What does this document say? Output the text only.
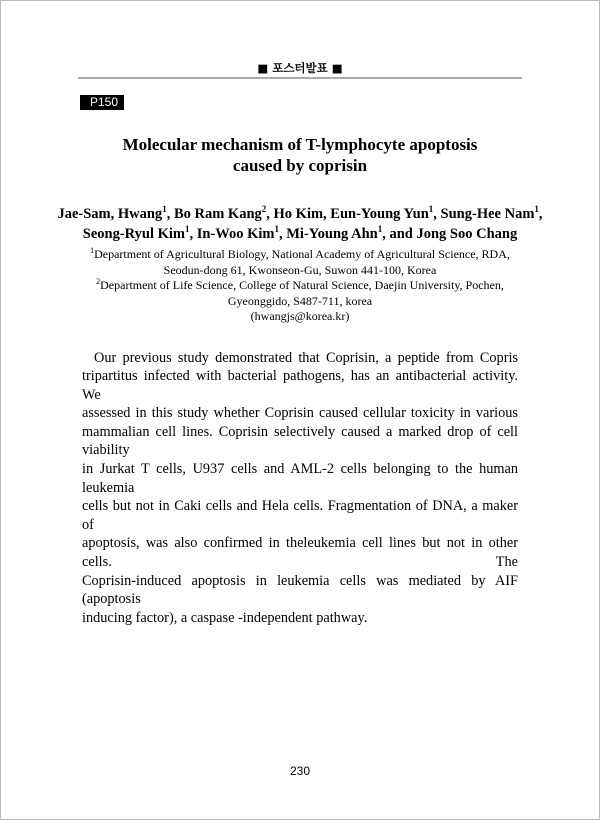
■ 포스터발표 ■
P150
Molecular mechanism of T-lymphocyte apoptosis
caused by coprisin
Jae-Sam, Hwang$^1$, Bo Ram Kang$^2$, Ho Kim, Eun-Young Yun$^1$, Sung-Hee Nam$^1$,
Seong-Ryul Kim$^1$, In-Woo Kim$^1$, Mi-Young Ahn$^1$, and Jong Soo Chang
$^1$Department of Agricultural Biology, National Academy of Agricultural Science, RDA,
Seodun-dong 61, Kwonseon-Gu, Suwon 441-100, Korea
$^2$Department of Life Science, College of Natural Science, Daejin University, Pochen,
Gyeonggido, S487-711, korea
(hwangjs@korea.kr)
Our previous study demonstrated that Coprisin, a peptide from Copris
tripartitus infected with bacterial pathogens, has an antibacterial activity. We
assessed in this study whether Coprisin caused cellular toxicity in various
mammalian cell lines. Coprisin selectively caused a marked drop of cell viability
in Jurkat T cells, U937 cells and AML-2 cells belonging to the human leukemia
cells but not in Caki cells and Hela cells. Fragmentation of DNA, a maker of
apoptosis, was also confirmed in theleukemia cell lines but not in other cells. The
Coprisin-induced apoptosis in leukemia cells was mediated by AIF (apoptosis
inducing factor), a caspase -independent pathway.
230
